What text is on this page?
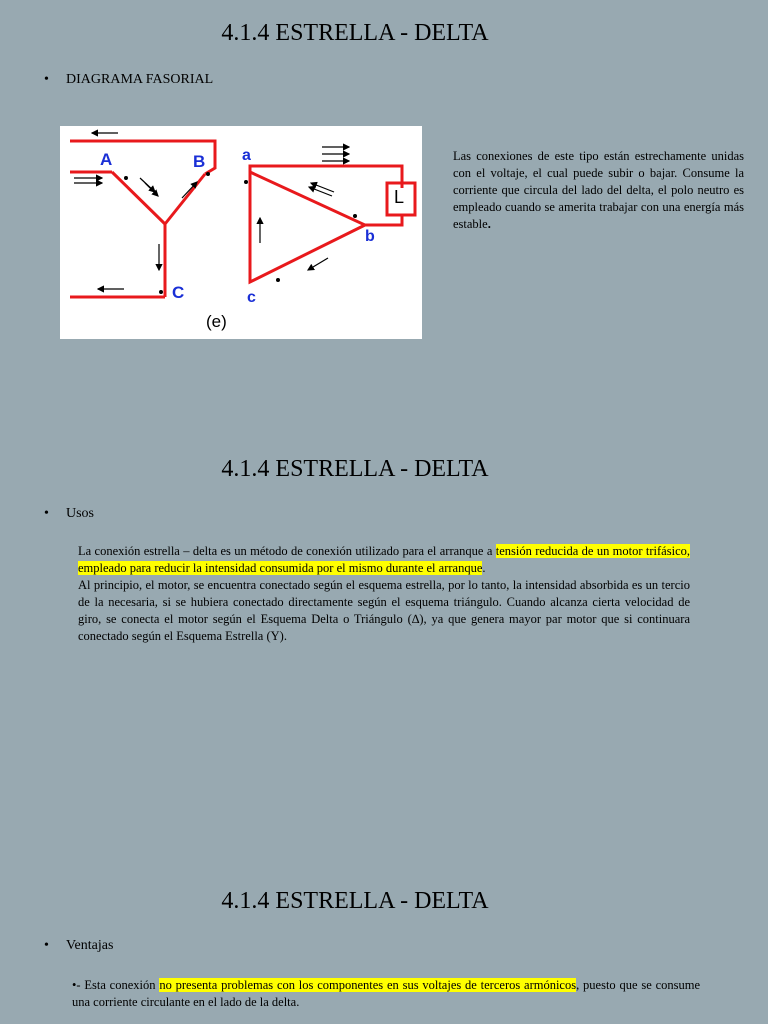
4.1.4 ESTRELLA - DELTA
• DIAGRAMA FASORIAL
A	B
C
a
b
c
L
(e)
Las conexiones de este tipo están estrechamente unidas con el voltaje, el cual puede subir o bajar. Consume la corriente que circula del lado del delta, el polo neutro es empleado cuando se amerita trabajar con una energía más estable.
4.1.4 ESTRELLA - DELTA
• Usos
La conexión estrella – delta es un método de conexión utilizado para el arranque a tensión reducida de un motor trifásico, empleado para reducir la intensidad consumida por el mismo durante el arranque.
Al principio, el motor, se encuentra conectado según el esquema estrella, por lo tanto, la intensidad absorbida es un tercio de la necesaria, si se hubiera conectado directamente según el esquema triángulo. Cuando alcanza cierta velocidad de giro, se conecta el motor según el Esquema Delta o Triángulo (∆), ya que genera mayor par motor que si continuara conectado según el Esquema Estrella (Y).
4.1.4 ESTRELLA - DELTA
• Ventajas
•- Esta conexión no presenta problemas con los componentes en sus voltajes de terceros armónicos, puesto que se consume una corriente circulante en el lado de la delta.
